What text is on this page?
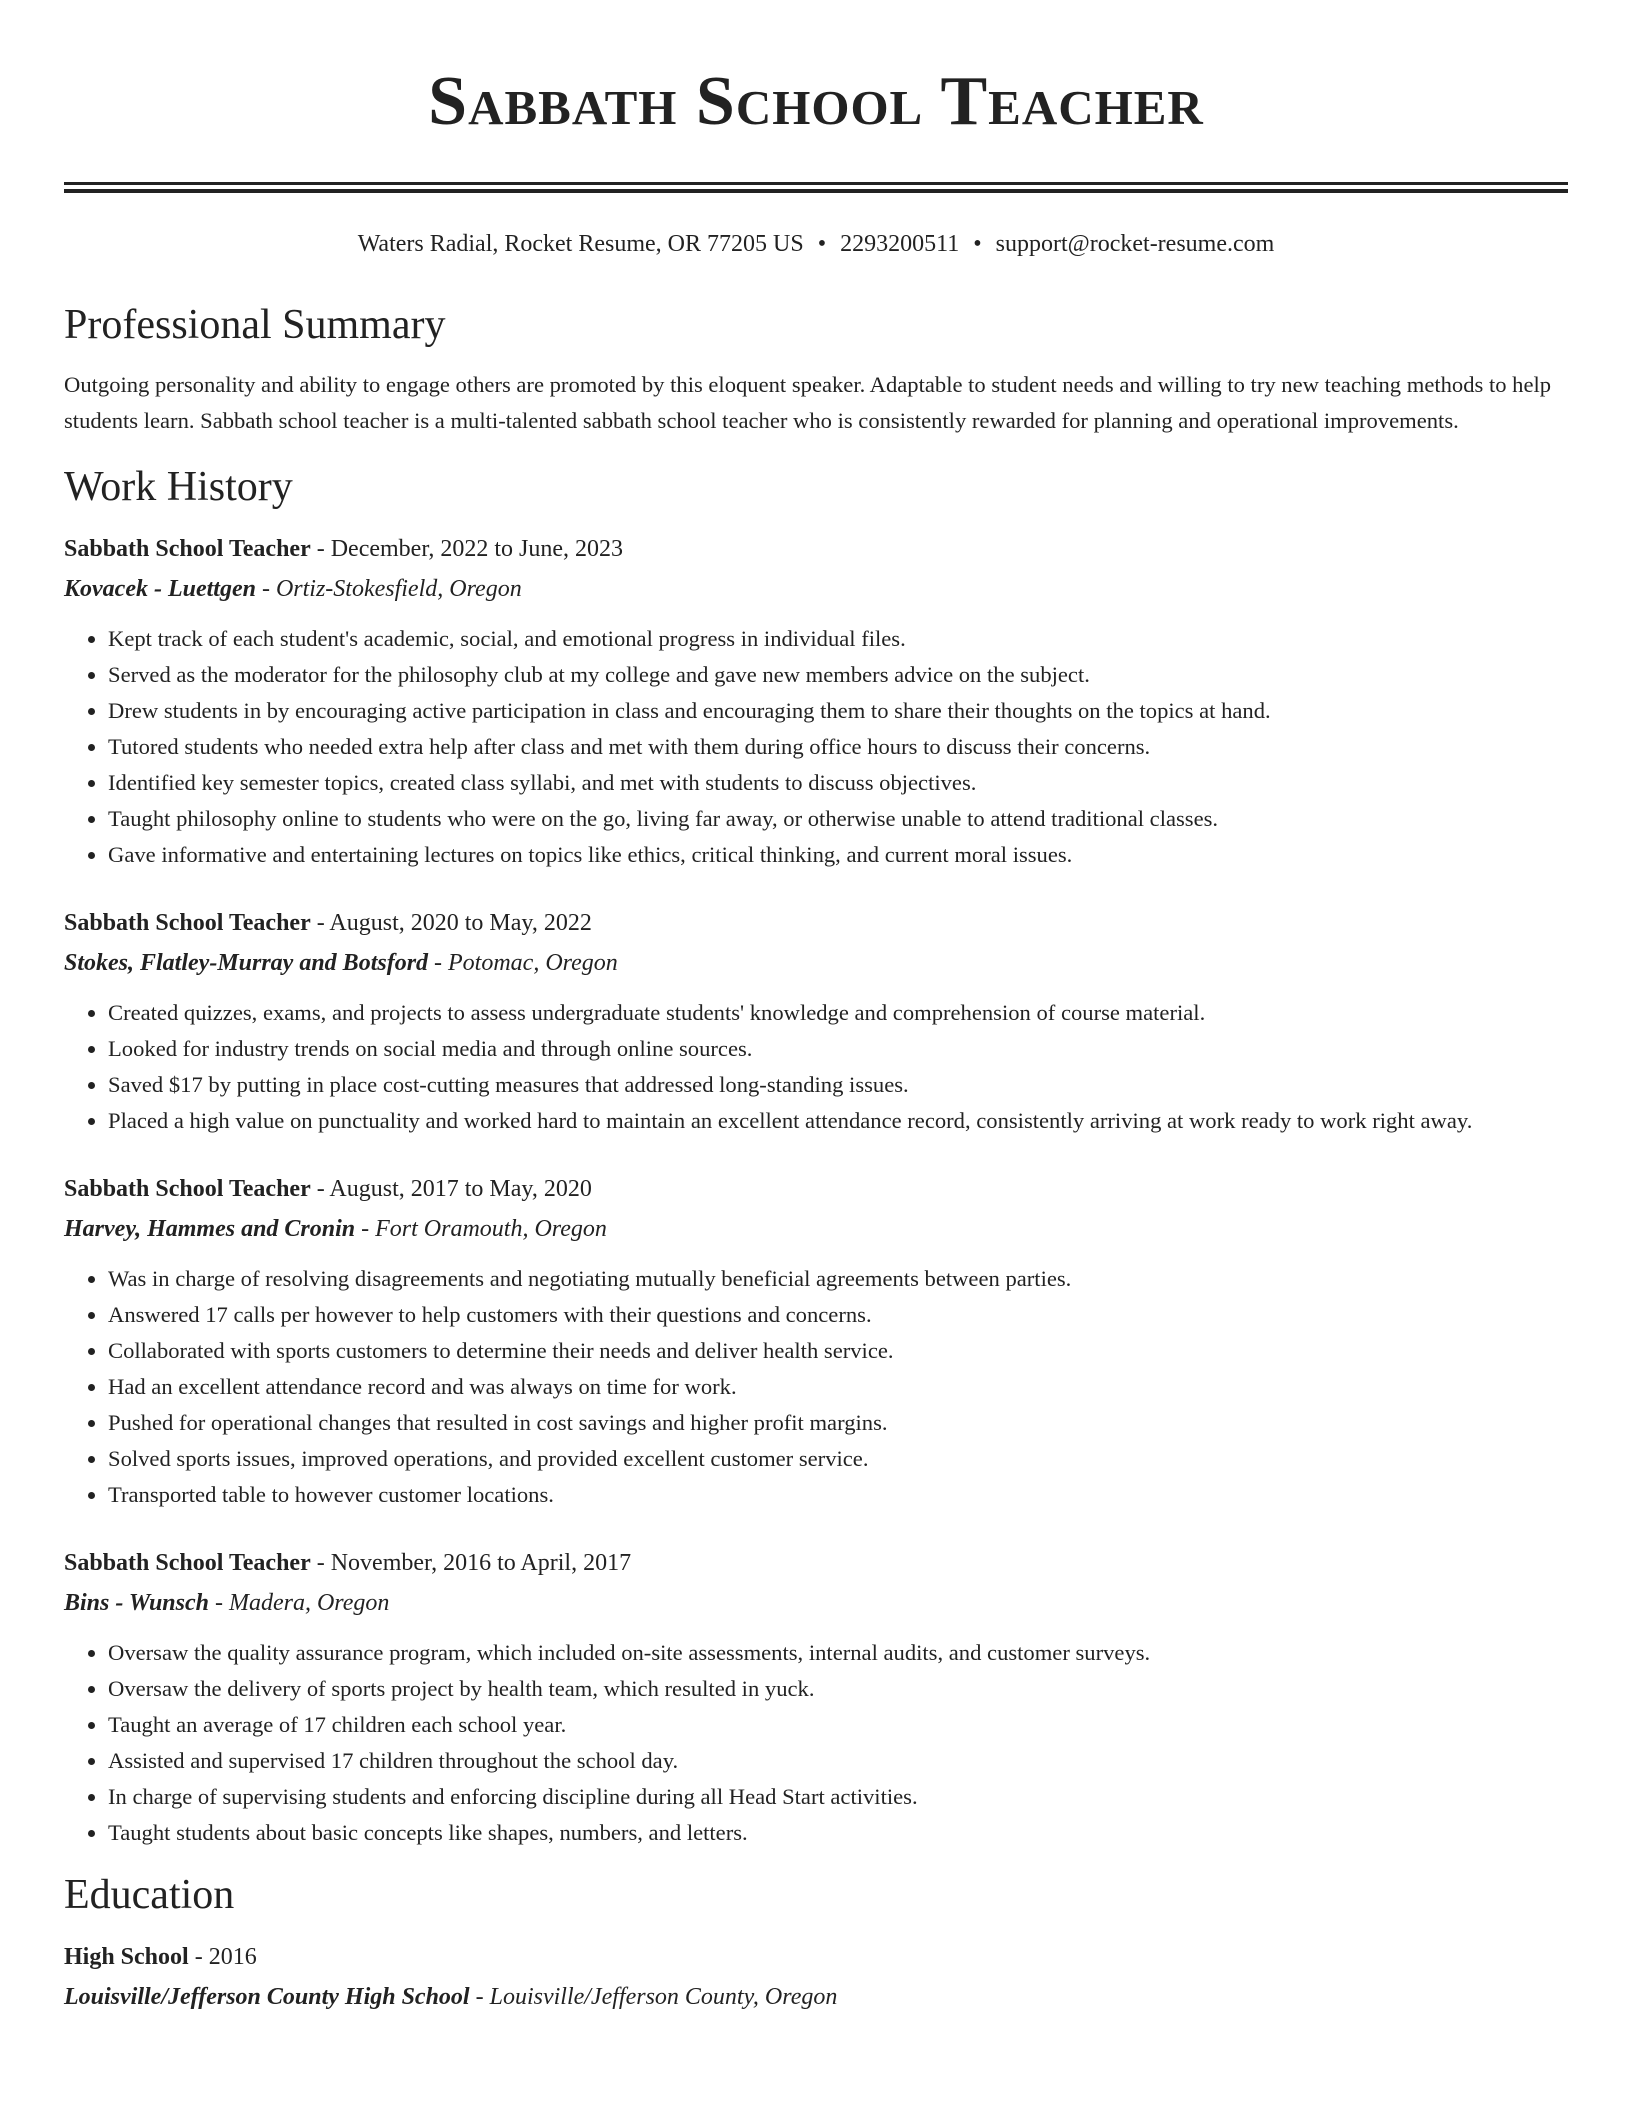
Sabbath School Teacher
Waters Radial, Rocket Resume, OR 77205 US • 2293200511 • support@rocket-resume.com
Professional Summary
Outgoing personality and ability to engage others are promoted by this eloquent speaker. Adaptable to student needs and willing to try new teaching methods to help students learn. Sabbath school teacher is a multi-talented sabbath school teacher who is consistently rewarded for planning and operational improvements.
Work History
Sabbath School Teacher - December, 2022 to June, 2023
Kovacek - Luettgen - Ortiz-Stokesfield, Oregon
• Kept track of each student's academic, social, and emotional progress in individual files.
• Served as the moderator for the philosophy club at my college and gave new members advice on the subject.
• Drew students in by encouraging active participation in class and encouraging them to share their thoughts on the topics at hand.
• Tutored students who needed extra help after class and met with them during office hours to discuss their concerns.
• Identified key semester topics, created class syllabi, and met with students to discuss objectives.
• Taught philosophy online to students who were on the go, living far away, or otherwise unable to attend traditional classes.
• Gave informative and entertaining lectures on topics like ethics, critical thinking, and current moral issues.
Sabbath School Teacher - August, 2020 to May, 2022
Stokes, Flatley-Murray and Botsford - Potomac, Oregon
• Created quizzes, exams, and projects to assess undergraduate students' knowledge and comprehension of course material.
• Looked for industry trends on social media and through online sources.
• Saved $17 by putting in place cost-cutting measures that addressed long-standing issues.
• Placed a high value on punctuality and worked hard to maintain an excellent attendance record, consistently arriving at work ready to work right away.
Sabbath School Teacher - August, 2017 to May, 2020
Harvey, Hammes and Cronin - Fort Oramouth, Oregon
• Was in charge of resolving disagreements and negotiating mutually beneficial agreements between parties.
• Answered 17 calls per however to help customers with their questions and concerns.
• Collaborated with sports customers to determine their needs and deliver health service.
• Had an excellent attendance record and was always on time for work.
• Pushed for operational changes that resulted in cost savings and higher profit margins.
• Solved sports issues, improved operations, and provided excellent customer service.
• Transported table to however customer locations.
Sabbath School Teacher - November, 2016 to April, 2017
Bins - Wunsch - Madera, Oregon
• Oversaw the quality assurance program, which included on-site assessments, internal audits, and customer surveys.
• Oversaw the delivery of sports project by health team, which resulted in yuck.
• Taught an average of 17 children each school year.
• Assisted and supervised 17 children throughout the school day.
• In charge of supervising students and enforcing discipline during all Head Start activities.
• Taught students about basic concepts like shapes, numbers, and letters.
Education
High School - 2016
Louisville/Jefferson County High School - Louisville/Jefferson County, Oregon
